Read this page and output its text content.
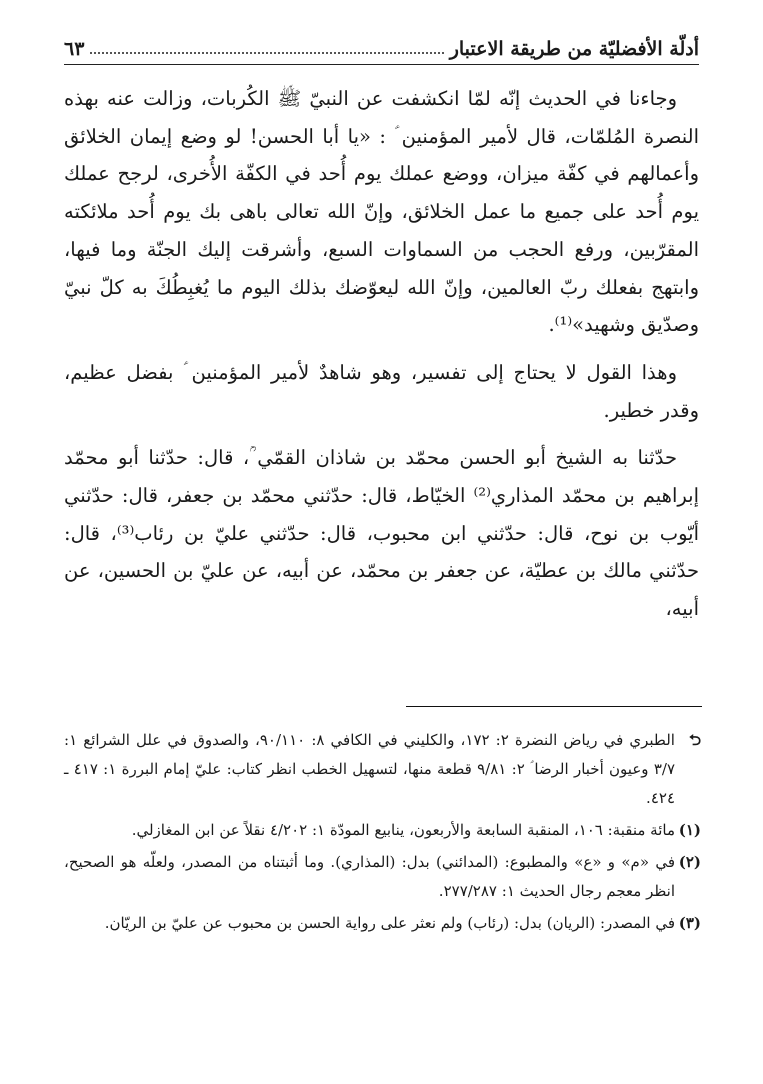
أدلّة الأفضليّة من طريقة الاعتبار
٦٣

وجاءنا في الحديث إنّه لمّا انكشفت عن النبيّ ﷺ الكُربات، وزالت عنه بهذه النصرة المُلمّات، قال لأمير المؤمنين ؑ : «يا أبا الحسن! لو وضع إيمان الخلائق وأعمالهم في كفّة ميزان، ووضع عملك يوم أُحد في الكفّة الأُخرى، لرجح عملك يوم أُحد على جميع ما عمل الخلائق، وإنّ الله تعالى باهى بك يوم أُحد ملائكته المقرّبين، ورفع الحجب من السماوات السبع، وأشرقت إليك الجنّة وما فيها، وابتهج بفعلك ربّ العالمين، وإنّ الله ليعوّضك بذلك اليوم ما يُغبِطُكَ به كلّ نبيّ وصدّيق وشهيد»⁽¹⁾.

وهذا القول لا يحتاج إلى تفسير، وهو شاهدٌ لأمير المؤمنين ؑ بفضل عظيم، وقدر خطير.

حدّثنا به الشيخ أبو الحسن محمّد بن شاذان القمّي ؒ، قال: حدّثنا أبو محمّد إبراهيم بن محمّد المذاري⁽²⁾ الخيّاط، قال: حدّثني محمّد بن جعفر، قال: حدّثني أيّوب بن نوح، قال: حدّثني ابن محبوب، قال: حدّثني عليّ بن رئاب⁽³⁾، قال: حدّثني مالك بن عطيّة، عن جعفر بن محمّد، عن أبيه، عن عليّ بن الحسين، عن أبيه،

⮌
الطبري في رياض النضرة ٢: ١٧٢، والكليني في الكافي ٨: ٩٠/١١٠، والصدوق في علل الشرائع ١: ٣/٧ وعيون أخبار الرضا ؑ ٢: ٩/٨١ قطعة منها، لتسهيل الخطب انظر كتاب: عليّ إمام البررة ١: ٤١٧ ـ ٤٢٤.
(١)
مائة منقبة: ١٠٦، المنقبة السابعة والأربعون، ينابيع المودّة ١: ٤/٢٠٢ نقلاً عن ابن المغازلي.
(٢)
في «م» و «ع» والمطبوع: (المدائني) بدل: (المذاري). وما أثبتناه من المصدر، ولعلّه هو الصحيح، انظر معجم رجال الحديث ١: ٢٧٧/٢٨٧.
(٣)
في المصدر: (الريان) بدل: (رئاب) ولم نعثر على رواية الحسن بن محبوب عن عليّ بن الريّان.
